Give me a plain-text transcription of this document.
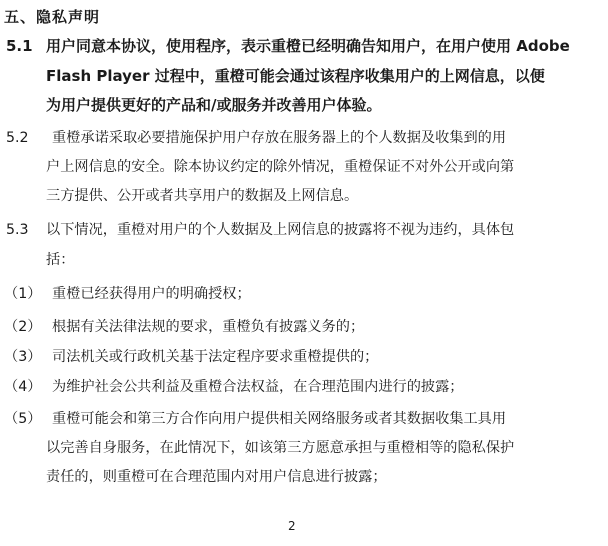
五、隐私声明
5.1 用户同意本协议，使用程序，表示重橙已经明确告知用户，在用户使用 Adobe
Flash Player 过程中，重橙可能会通过该程序收集用户的上网信息，以便
为用户提供更好的产品和/或服务并改善用户体验。
5.2 重橙承诺采取必要措施保护用户存放在服务器上的个人数据及收集到的用
户上网信息的安全。除本协议约定的除外情况，重橙保证不对外公开或向第
三方提供、公开或者共享用户的数据及上网信息。
5.3 以下情况，重橙对用户的个人数据及上网信息的披露将不视为违约，具体包
括：
（1） 重橙已经获得用户的明确授权；
（2） 根据有关法律法规的要求，重橙负有披露义务的；
（3） 司法机关或行政机关基于法定程序要求重橙提供的；
（4） 为维护社会公共利益及重橙合法权益，在合理范围内进行的披露；
（5） 重橙可能会和第三方合作向用户提供相关网络服务或者其数据收集工具用
以完善自身服务，在此情况下，如该第三方愿意承担与重橙相等的隐私保护
责任的，则重橙可在合理范围内对用户信息进行披露；
2
